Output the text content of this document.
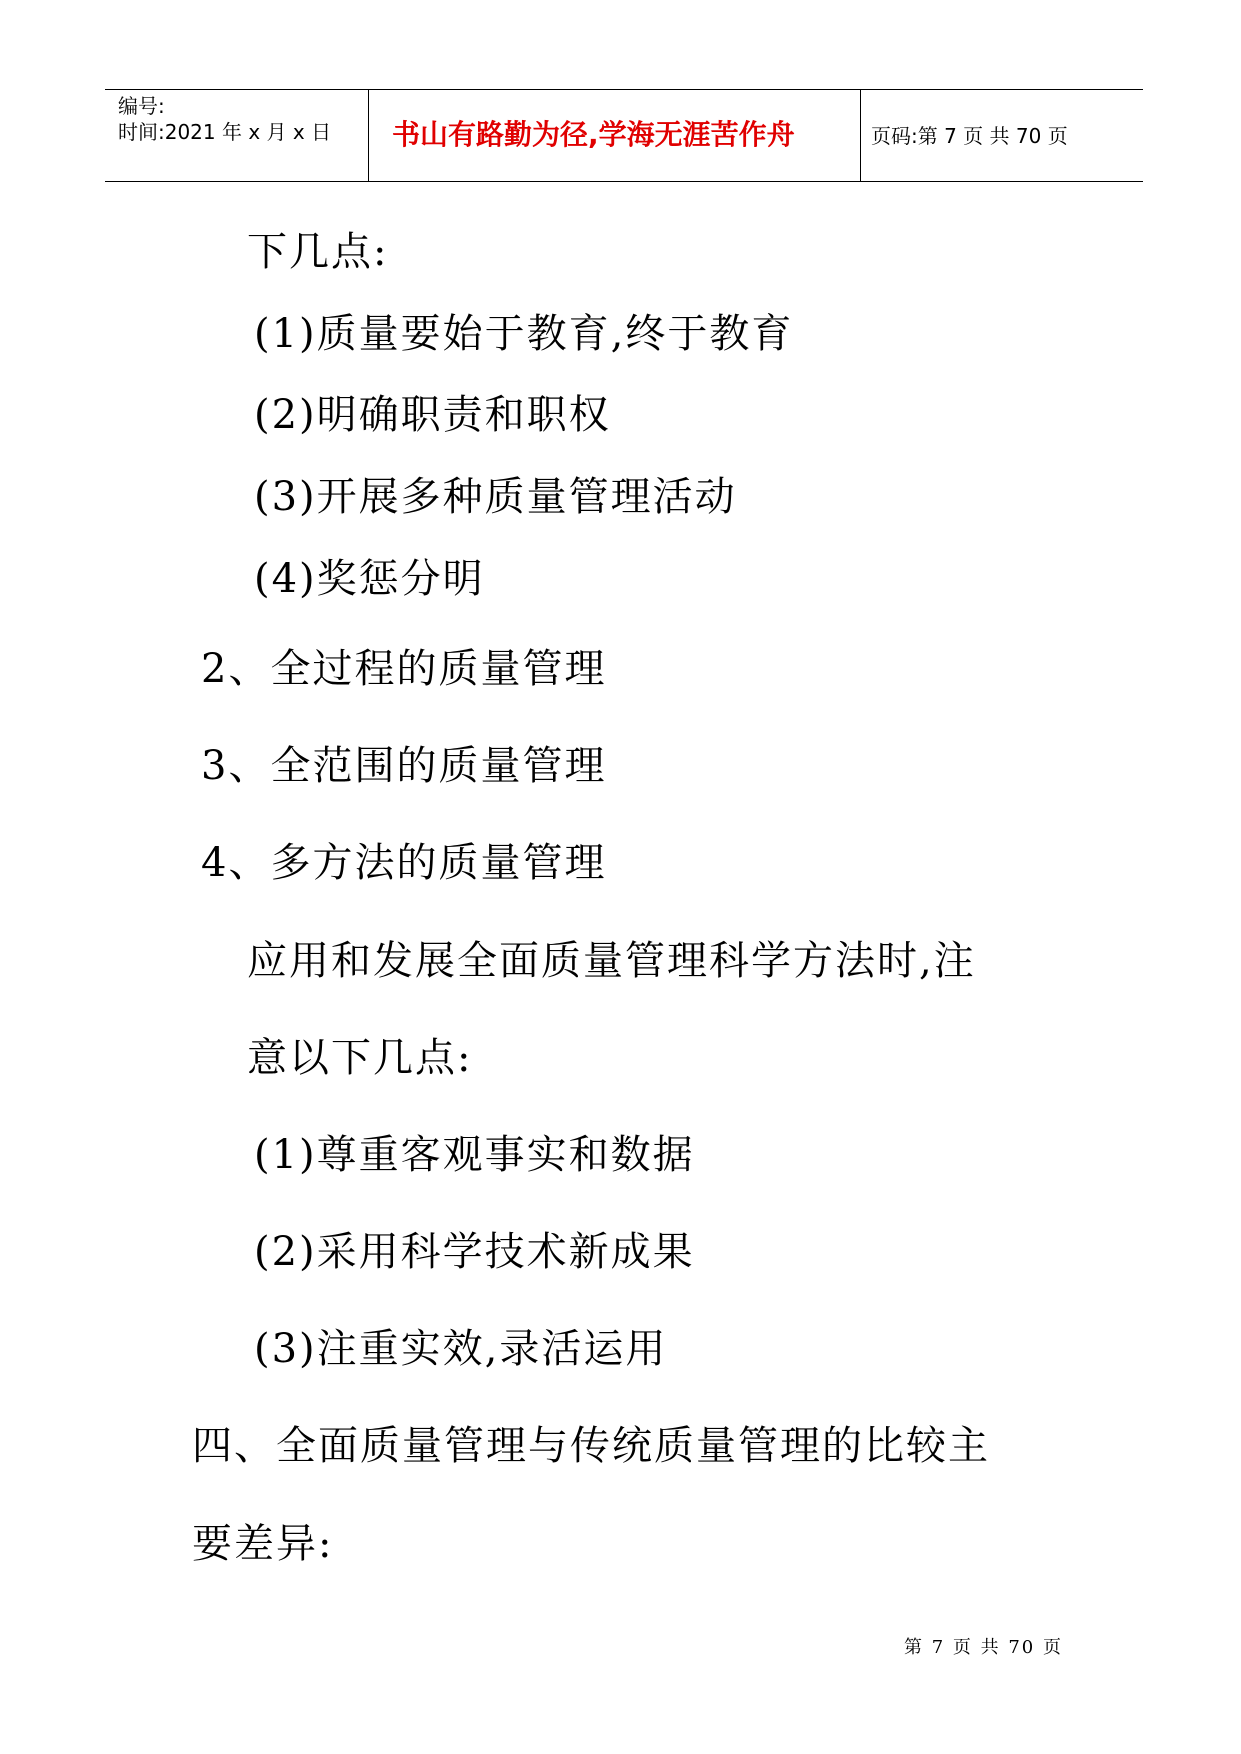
编号:
时间:2021 年 x 月 x 日 书山有路勤为径,学海无涯苦作舟	页码:第 7 页 共 70 页
下几点:
(1)质量要始于教育,终于教育
(2)明确职责和职权
(3)开展多种质量管理活动
(4)奖惩分明
2、全过程的质量管理
3、全范围的质量管理
4、多方法的质量管理
应用和发展全面质量管理科学方法时,注
意以下几点:
(1)尊重客观事实和数据
(2)采用科学技术新成果
(3)注重实效,录活运用
四、全面质量管理与传统质量管理的比较主
要差异:
第 7 页 共 70 页
